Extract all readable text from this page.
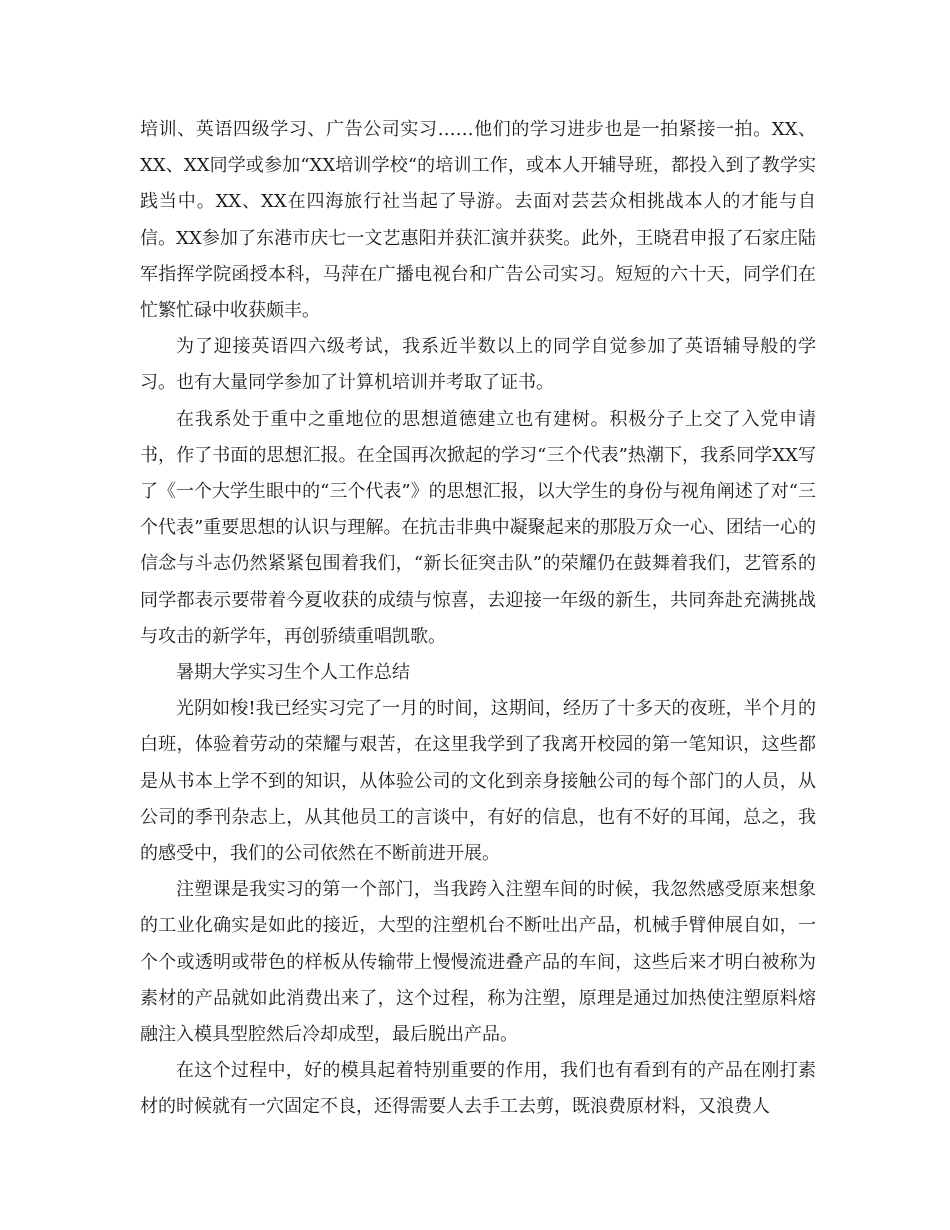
培训、英语四级学习、广告公司实习……他们的学习进步也是一拍紧接一拍。XX、XX、XX同学或参加“XX培训学校“的培训工作，或本人开辅导班，都投入到了教学实践当中。XX、XX在四海旅行社当起了导游。去面对芸芸众相挑战本人的才能与自信。XX参加了东港市庆七一文艺惠阳并获汇演并获奖。此外，王晓君申报了石家庄陆军指挥学院函授本科，马萍在广播电视台和广告公司实习。短短的六十天，同学们在忙繁忙碌中收获颇丰。

为了迎接英语四六级考试，我系近半数以上的同学自觉参加了英语辅导般的学习。也有大量同学参加了计算机培训并考取了证书。

在我系处于重中之重地位的思想道德建立也有建树。积极分子上交了入党申请书，作了书面的思想汇报。在全国再次掀起的学习“三个代表”热潮下，我系同学XX写了《一个大学生眼中的“三个代表”》的思想汇报，以大学生的身份与视角阐述了对“三个代表”重要思想的认识与理解。在抗击非典中凝聚起来的那股万众一心、团结一心的信念与斗志仍然紧紧包围着我们，“新长征突击队”的荣耀仍在鼓舞着我们，艺管系的同学都表示要带着今夏收获的成绩与惊喜，去迎接一年级的新生，共同奔赴充满挑战与攻击的新学年，再创骄绩重唱凯歌。

暑期大学实习生个人工作总结

光阴如梭!我已经实习完了一月的时间，这期间，经历了十多天的夜班，半个月的白班，体验着劳动的荣耀与艰苦，在这里我学到了我离开校园的第一笔知识，这些都是从书本上学不到的知识，从体验公司的文化到亲身接触公司的每个部门的人员，从公司的季刊杂志上，从其他员工的言谈中，有好的信息，也有不好的耳闻，总之，我的感受中，我们的公司依然在不断前进开展。

注塑课是我实习的第一个部门，当我跨入注塑车间的时候，我忽然感受原来想象的工业化确实是如此的接近，大型的注塑机台不断吐出产品，机械手臂伸展自如，一个个或透明或带色的样板从传输带上慢慢流进叠产品的车间，这些后来才明白被称为素材的产品就如此消费出来了，这个过程，称为注塑，原理是通过加热使注塑原料熔融注入模具型腔然后冷却成型，最后脱出产品。

在这个过程中，好的模具起着特别重要的作用，我们也有看到有的产品在刚打素材的时候就有一穴固定不良，还得需要人去手工去剪，既浪费原材料，又浪费人
